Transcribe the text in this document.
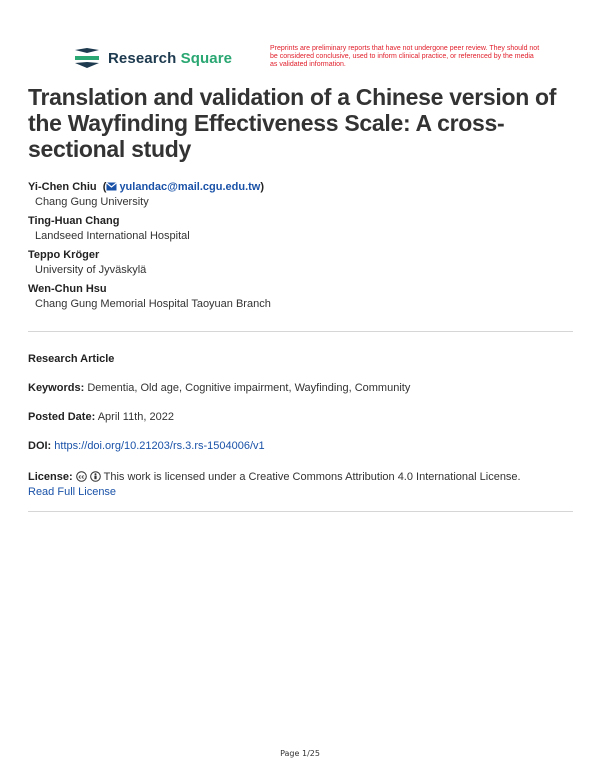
Research Square
Preprints are preliminary reports that have not undergone peer review. They should not be considered conclusive, used to inform clinical practice, or referenced by the media as validated information.
Translation and validation of a Chinese version of the Wayfinding Effectiveness Scale: A cross-sectional study
Yi-Chen Chiu  ( yulandac@mail.cgu.edu.tw)
Chang Gung University
Ting-Huan Chang
Landseed International Hospital
Teppo Kröger
University of Jyväskylä
Wen-Chun Hsu
Chang Gung Memorial Hospital Taoyuan Branch
Research Article
Keywords: Dementia, Old age, Cognitive impairment, Wayfinding, Community
Posted Date: April 11th, 2022
DOI: https://doi.org/10.21203/rs.3.rs-1504006/v1
License: cc This work is licensed under a Creative Commons Attribution 4.0 International License.
Read Full License
Page 1/25
